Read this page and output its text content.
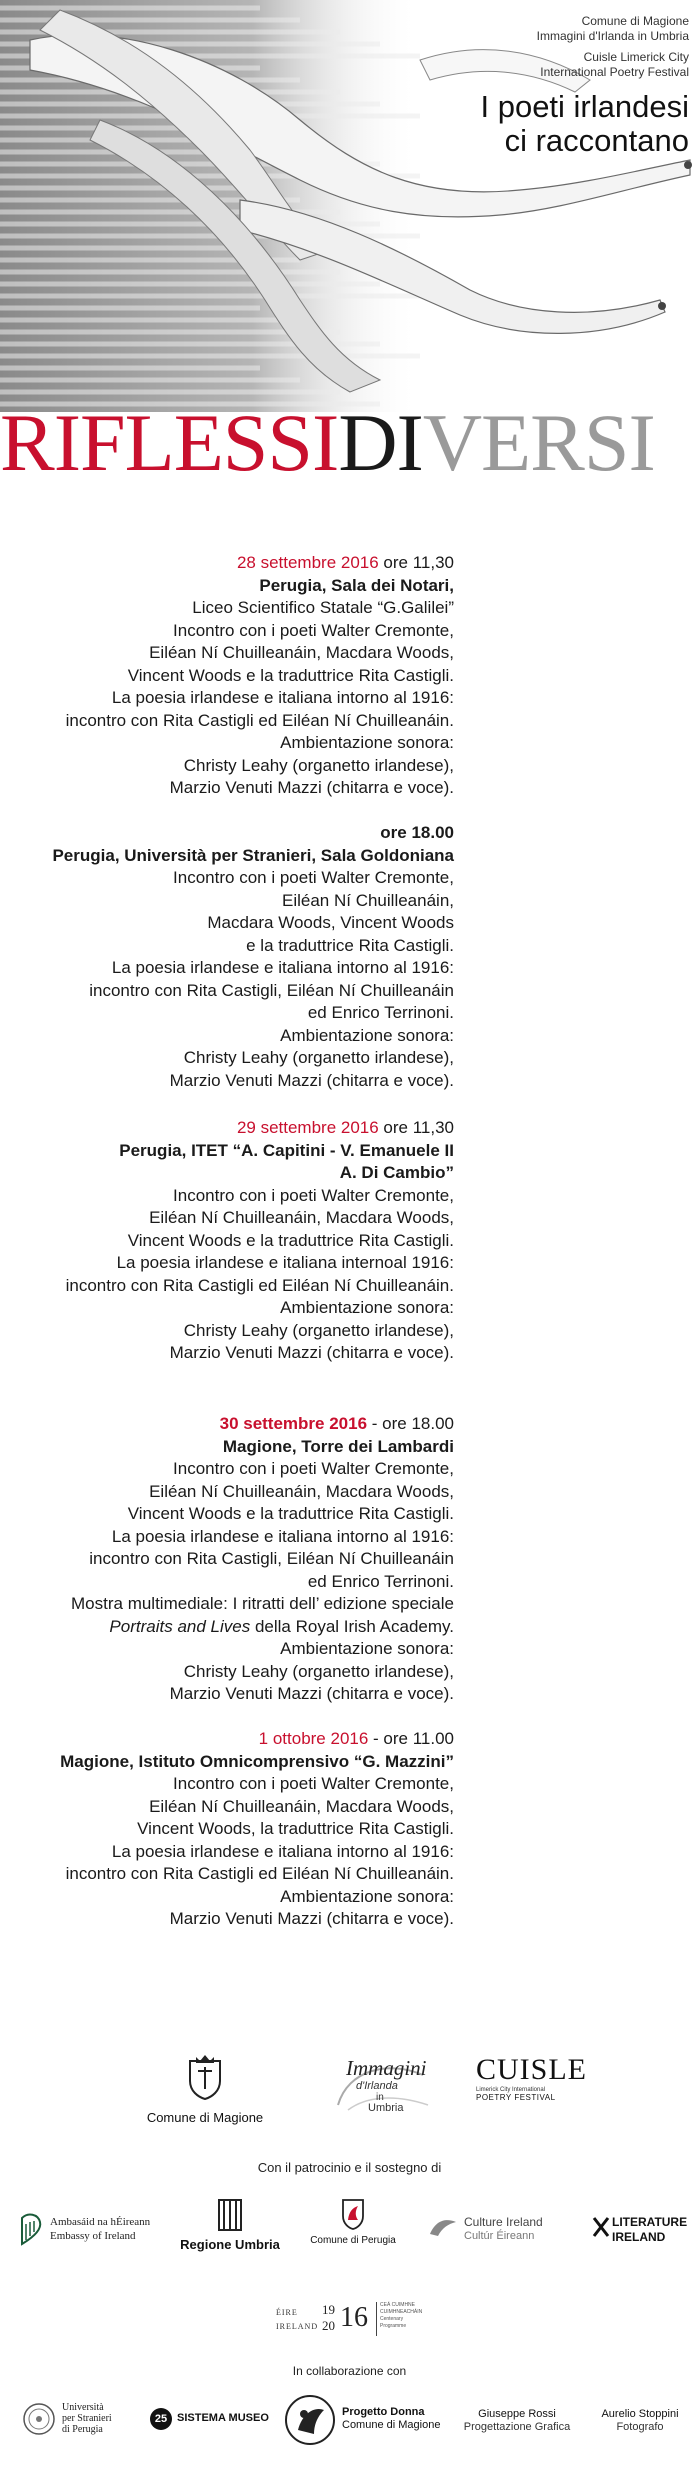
Comune di Magione
Immagini d'Irlanda in Umbria
Cuisle Limerick City
International Poetry Festival
I poeti irlandesi
ci raccontano
RIFLESSIDIVERSI
28 settembre 2016 ore 11,30
Perugia, Sala dei Notari,
Liceo Scientifico Statale “G.Galilei”
Incontro con i poeti Walter Cremonte,
Eiléan Ní Chuilleanáin, Macdara Woods,
Vincent Woods e la traduttrice Rita Castigli.
La poesia irlandese e italiana intorno al 1916:
incontro con Rita Castigli ed Eiléan Ní Chuilleanáin.
Ambientazione sonora:
Christy Leahy (organetto irlandese),
Marzio Venuti Mazzi (chitarra e voce).
ore 18.00
Perugia, Università per Stranieri, Sala Goldoniana
Incontro con i poeti Walter Cremonte,
Eiléan Ní Chuilleanáin,
Macdara Woods, Vincent Woods
e la traduttrice Rita Castigli.
La poesia irlandese e italiana intorno al 1916:
incontro con Rita Castigli, Eiléan Ní Chuilleanáin
ed Enrico Terrinoni.
Ambientazione sonora:
Christy Leahy (organetto irlandese),
Marzio Venuti Mazzi (chitarra e voce).
29 settembre 2016 ore 11,30
Perugia, ITET “A. Capitini - V. Emanuele II
A. Di Cambio”
Incontro con i poeti Walter Cremonte,
Eiléan Ní Chuilleanáin, Macdara Woods,
Vincent Woods e la traduttrice Rita Castigli.
La poesia irlandese e italiana internoal 1916:
incontro con Rita Castigli ed Eiléan Ní Chuilleanáin.
Ambientazione sonora:
Christy Leahy (organetto irlandese),
Marzio Venuti Mazzi (chitarra e voce).
30 settembre 2016 - ore 18.00
Magione, Torre dei Lambardi
Incontro con i poeti Walter Cremonte,
Eiléan Ní Chuilleanáin, Macdara Woods,
Vincent Woods e la traduttrice Rita Castigli.
La poesia irlandese e italiana intorno al 1916:
incontro con Rita Castigli, Eiléan Ní Chuilleanáin
ed Enrico Terrinoni.
Mostra multimediale: I ritratti dell’ edizione speciale
Portraits and Lives della Royal Irish Academy.
Ambientazione sonora:
Christy Leahy (organetto irlandese),
Marzio Venuti Mazzi (chitarra e voce).
1 ottobre 2016 - ore 11.00
Magione, Istituto Omnicomprensivo “G. Mazzini”
Incontro con i poeti Walter Cremonte,
Eiléan Ní Chuilleanáin, Macdara Woods,
Vincent Woods, la traduttrice Rita Castigli.
La poesia irlandese e italiana intorno al 1916:
incontro con Rita Castigli ed Eiléan Ní Chuilleanáin.
Ambientazione sonora:
Marzio Venuti Mazzi (chitarra e voce).
Comune di Magione
Immagini
d'Irlanda
in
Umbria
CUISLE
Limerick City International
POETRY FESTIVAL
Con il patrocinio e il sostegno di
Ambasáid na hÉireann
Embassy of Ireland
Regione Umbria	Comune di Perugia
Culture Ireland
Cultúr Éireann
LITERATURE
IRELAND
ÉIRE
IRELAND
19
20 16 CEÁ CUIMHNE
CUIMHNEACHÁIN
Centenary
Programme
In collaborazione con
Università
per Stranieri
di Perugia
25 SISTEMA MUSEO	Progetto Donna
Comune di Magione
Giuseppe Rossi
Progettazione Grafica
Aurelio Stoppini
Fotografo
